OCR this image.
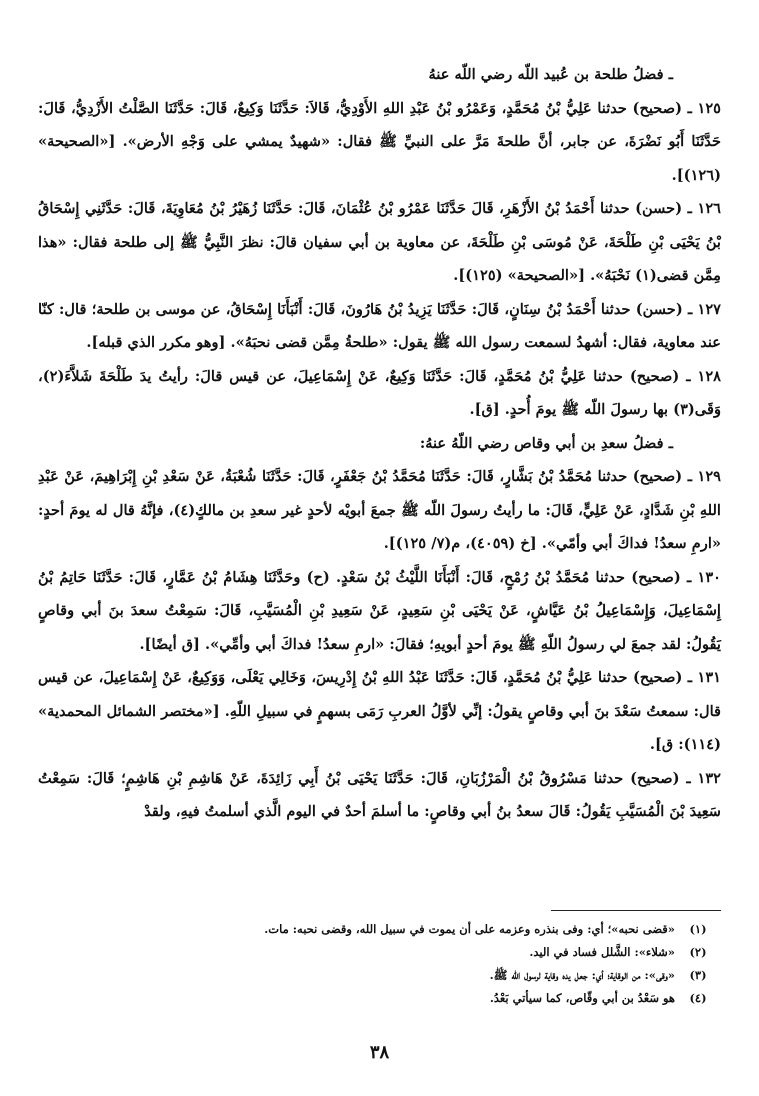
ـ فضلُ طلحة بن عُبيد اللّه رضي اللّه عنهُ

١٢٥ ـ (صحيح) حدثنا عَلِيُّ بْنُ مُحَمَّدٍ، وَعَمْرُو بْنُ عَبْدِ اللهِ الأَوْدِيُّ، قَالاَ: حَدَّثَنَا وَكِيعٌ، قَالَ: حَدَّثَنَا الصَّلْتُ الأَزْدِيُّ، قَالَ: حَدَّثَنَا أَبُو نَضْرَةَ، عن جابر، أنَّ طلحةَ مَرَّ على النبيِّ ﷺ فقال: «شهيدٌ يمشي على وَجْهِ الأرض». [«الصحيحة» (١٢٦)].

١٢٦ ـ (حسن) حدثنا أَحْمَدُ بْنُ الأَزْهَرِ، قَالَ حَدَّثَنَا عَمْرُو بْنُ عُثْمَانَ، قَالَ: حَدَّثَنَا زُهَيْرُ بْنُ مُعَاوِيَةَ، قَالَ: حَدَّثَنِي إِسْحَاقُ بْنُ يَحْيَى بْنِ طَلْحَةَ، عَنْ مُوسَى بْنِ طَلْحَةَ، عن معاوية بن أبي سفيان قالَ: نظرَ النَّبِيُّ ﷺ إلى طلحة فقال: «هذا مِمَّن قضى(١) نَحْبَهُ». [«الصحيحة» (١٢٥)].

١٢٧ ـ (حسن) حدثنا أَحْمَدُ بْنُ سِنَانٍ، قَالَ: حَدَّثَنَا يَزِيدُ بْنُ هَارُونَ، قَالَ: أَنْبَأَنَا إِسْحَاقُ، عن موسى بن طلحة؛ قال: كنّا عند معاوية، فقال: أشهدُ لسمعت رسول الله ﷺ يقول: «طلحةُ مِمَّن قضى نحبَهُ». [وهو مكرر الذي قبله].

١٢٨ ـ (صحيح) حدثنا عَلِيُّ بْنُ مُحَمَّدٍ، قَالَ: حَدَّثَنَا وَكِيعٌ، عَنْ إِسْمَاعِيلَ، عن قيس قالَ: رأيتُ يدَ طَلْحَةَ شَلاَّءَ(٢)، وَقَى(٣) بها رسولَ اللّه ﷺ يومَ أُحدٍ. [ق].

ـ فضلُ سعدِ بن أبي وقاص رضي اللّهُ عنهُ:

١٢٩ ـ (صحيح) حدثنا مُحَمَّدُ بْنُ بَشَّارٍ، قَالَ: حَدَّثَنَا مُحَمَّدُ بْنُ جَعْفَرٍ، قَالَ: حَدَّثَنَا شُعْبَةُ، عَنْ سَعْدِ بْنِ إِبْرَاهِيمَ، عَنْ عَبْدِ اللهِ بْنِ شَدَّادٍ، عَنْ عَلِيٍّ، قَالَ: ما رأيتُ رسولَ اللّه ﷺ جمعَ أبويْه لأحدٍ غير سعدِ بن مالكٍ(٤)، فإنَّهُ قال له يومَ أحدٍ: «ارمِ سعدُ! فداكَ أبي وأمّي». [خ (٤٠٥٩)، م(٧/ ١٢٥)].

١٣٠ ـ (صحيح) حدثنا مُحَمَّدُ بْنُ رُمْحٍ، قَالَ: أَنْبَأَنَا اللَّيْثُ بْنُ سَعْدٍ. (ح) وحَدَّثَنَا هِشَامُ بْنُ عَمَّارٍ، قَالَ: حَدَّثَنَا حَاتِمُ بْنُ إِسْمَاعِيلَ، وَإِسْمَاعِيلُ بْنُ عَيَّاشٍ، عَنْ يَحْيَى بْنِ سَعِيدٍ، عَنْ سَعِيدِ بْنِ الْمُسَيَّبِ، قَالَ: سَمِعْتُ سعدَ بنَ أبي وقاصٍ يَقُولُ: لقد جمعَ لي رسولُ اللّهِ ﷺ يومَ أحدٍ أبويهِ؛ فقالَ: «ارمِ سعدُ! فداكَ أبي وأمِّي». [ق أيضًا].

١٣١ ـ (صحيح) حدثنا عَلِيُّ بْنُ مُحَمَّدٍ، قَالَ: حَدَّثَنَا عَبْدُ اللهِ بْنُ إِدْرِيسَ، وَخَالِي يَعْلَى، وَوَكِيعٌ، عَنْ إِسْمَاعِيلَ، عن قيس قال: سمعتُ سَعْدَ بنَ أبي وقاصٍ يقولُ: إنِّي لأوَّلُ العربِ رَمَى بسهمٍ في سبيلِ اللّهِ. [«مختصر الشمائل المحمدية» (١١٤): ق].

١٣٢ ـ (صحيح) حدثنا مَسْرُوقُ بْنُ الْمَرْزُبَانِ، قَالَ: حَدَّثَنَا يَحْيَى بْنُ أَبِي زَائِدَةَ، عَنْ هَاشِمِ بْنِ هَاشِمٍ؛ قَالَ: سَمِعْتُ سَعِيدَ بْنَ الْمُسَيَّبِ يَقُولُ: قَالَ سعدُ بنُ أبي وقاصٍ: ما أسلمَ أحدٌ في اليوم الَّذي أسلمتُ فيهِ، ولقدْ

(١)
«قضى نحبه»؛ أي: وفى بنذره وعزمه على أن يموت في سبيل الله، وقضى نحبه: مات.
(٢)
«شلاء»: الشَّلل فساد في اليد.
(٣)
«وقى»: من الوقاية؛ أي: جعل يده وقاية لرسول الله ﷺ.
(٤)
هو سَعْدُ بن أبي وقّاص، كما سيأتي بَعْدُ.
٣٨
